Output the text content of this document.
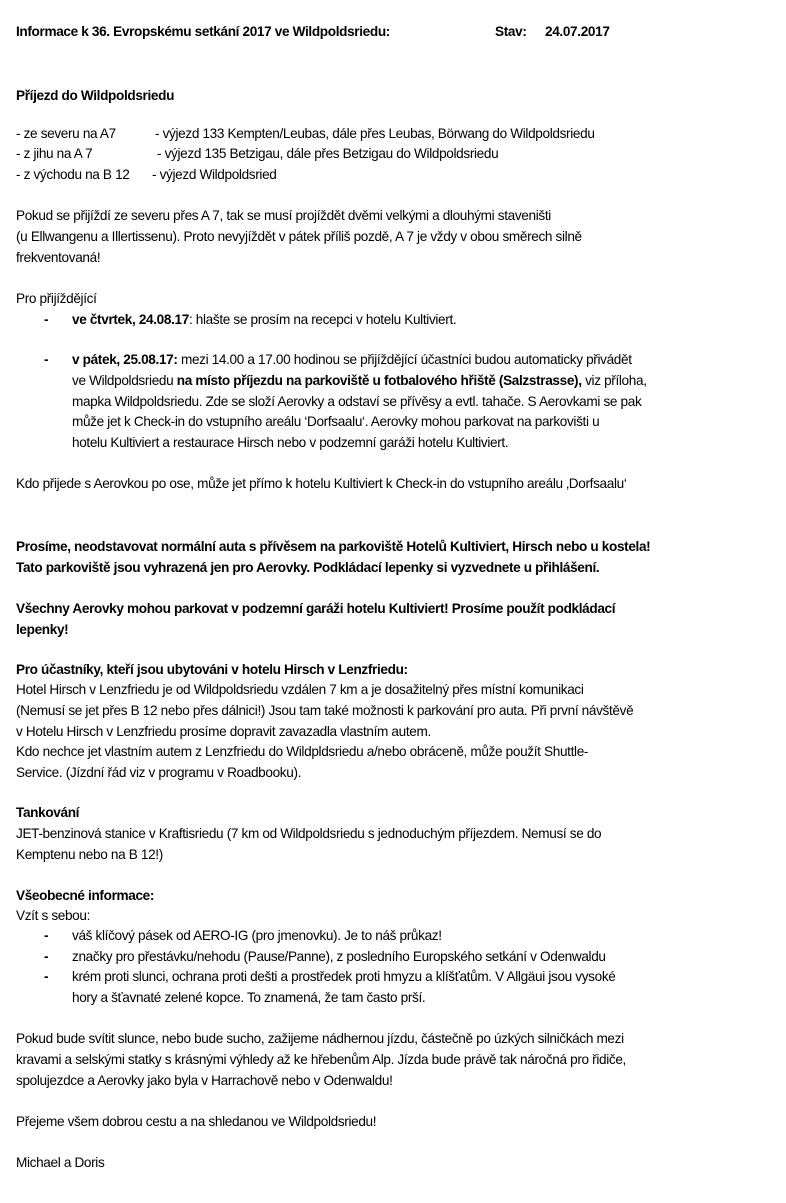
Informace k 36. Evropskému setkání 2017 ve Wildpoldsriedu:	Stav: 24.07.2017
Příjezd do Wildpoldsriedu
- ze severu na A7	- výjezd 133 Kempten/Leubas, dále přes Leubas, Börwang do Wildpoldsriedu
- z jihu na A 7	- výjezd 135 Betzigau, dále přes Betzigau do Wildpoldsriedu
- z východu na B 12 - výjezd Wildpoldsried
Pokud se přijíždí ze severu přes A 7, tak se musí projíždět dvěmi velkými a dlouhými staveništi
(u Ellwangenu a Illertissenu). Proto nevyjíždět v pátek příliš pozdě, A 7 je vždy v obou směrech silně
frekventovaná!
Pro přijíždějící
- ve čtvrtek, 24.08.17: hlašte se prosím na recepci v hotelu Kultiviert.
- v pátek, 25.08.17: mezi 14.00 a 17.00 hodinou se přijíždějící účastníci budou automaticky přivádět
ve Wildpoldsriedu na místo příjezdu na parkoviště u fotbalového hřiště (Salzstrasse), viz příloha,
mapka Wildpoldsriedu. Zde se složí Aerovky a odstaví se přívěsy a evtl. tahače. S Aerovkami se pak
může jet k Check-in do vstupního areálu ‘Dorfsaalu‘. Aerovky mohou parkovat na parkovišti u
hotelu Kultiviert a restaurace Hirsch nebo v podzemní garáži hotelu Kultiviert.
Kdo přijede s Aerovkou po ose, může jet přímo k hotelu Kultiviert k Check-in do vstupního areálu ‚Dorfsaalu‘
Prosíme, neodstavovat normální auta s přívěsem na parkoviště Hotelů Kultiviert, Hirsch nebo u kostela!
Tato parkoviště jsou vyhrazená jen pro Aerovky. Podkládací lepenky si vyzvednete u přihlášení.
Všechny Aerovky mohou parkovat v podzemní garáži hotelu Kultiviert! Prosíme použít podkládací
lepenky!
Pro účastníky, kteří jsou ubytováni v hotelu Hirsch v Lenzfriedu:
Hotel Hirsch v Lenzfriedu je od Wildpoldsriedu vzdálen 7 km a je dosažitelný přes místní komunikaci
(Nemusí se jet přes B 12 nebo přes dálnici!) Jsou tam také možnosti k parkování pro auta. Při první návštěvě
v Hotelu Hirsch v Lenzfriedu prosíme dopravit zavazadla vlastním autem.
Kdo nechce jet vlastním autem z Lenzfriedu do Wildpldsriedu a/nebo obráceně, může použít Shuttle-
Service. (Jízdní řád viz v programu v Roadbooku).
Tankování
JET-benzinová stanice v Kraftisriedu (7 km od Wildpoldsriedu s jednoduchým příjezdem. Nemusí se do
Kemptenu nebo na B 12!)
Všeobecné informace:
Vzít s sebou:
- váš klíčový pásek od AERO-IG (pro jmenovku). Je to náš průkaz!
- značky pro přestávku/nehodu (Pause/Panne), z posledního Europského setkání v Odenwaldu
- krém proti slunci, ochrana proti dešti a prostředek proti hmyzu a klíšťatům. V Allgäui jsou vysoké
hory a šťavnaté zelené kopce. To znamená, že tam často prší.
Pokud bude svítit slunce, nebo bude sucho, zažijeme nádhernou jízdu, částečně po úzkých silničkách mezi
kravami a selskými statky s krásnými výhledy až ke hřebenům Alp. Jízda bude právě tak náročná pro řidiče,
spolujezdce a Aerovky jako byla v Harrachově nebo v Odenwaldu!
Přejeme všem dobrou cestu a na shledanou ve Wildpoldsriedu!
Michael a Doris
